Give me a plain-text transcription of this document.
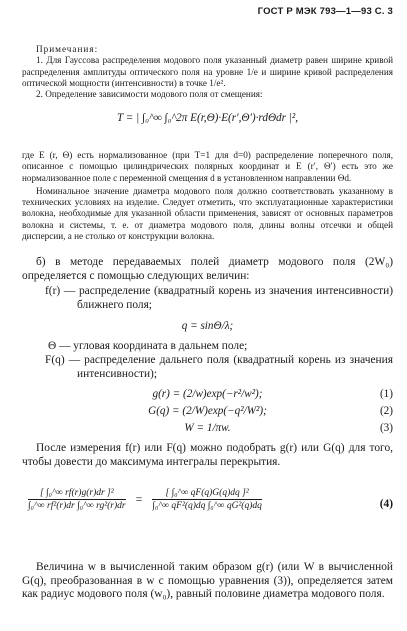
ГОСТ Р МЭК 793—1—93 С. 3
Примечания:
1. Для Гауссова распределения модового поля указанный диаметр равен ширине кривой распределения амплитуды оптического поля на уровне 1/e и ширине кривой распределения оптической мощности (интенсивности) в точке 1/e².
2. Определение зависимости модового поля от смещения:
T = | ∫₀^∞ ∫₀^2π E(r,Θ)·E(r′,Θ′)·rdΘdr |²,
где E (r, Θ) есть нормализованное (при T=1 для d=0) распределение поперечного поля, описанное с помощью цилиндрических полярных координат и E (r′, Θ′) есть это же нормализованное поле с переменной смещения d в установленном направлении Θd.
Номинальное значение диаметра модового поля должно соответствовать указанному в технических условиях на изделие. Следует отметить, что эксплуатационные характеристики волокна, необходимые для указанной области применения, зависят от основных параметров волокна и системы, т. е. от диаметра модового поля, длины волны отсечки и общей дисперсии, а не столько от конструкции волокна.
б) в методе передаваемых полей диаметр модового поля (2W₀) определяется с помощью следующих величин:
f(r) — распределение (квадратный корень из значения интенсивности) ближнего поля;
q = sinΘ/λ;
Θ — угловая координата в дальнем поле;
F(q) — распределение дальнего поля (квадратный корень из значения интенсивности);
g(r) = (2/w)exp(−r²/w²);	(1)
G(q) = (2/W)exp(−q²/W²);	(2)
W = 1/πw.	(3)
После измерения f(r) или F(q) можно подобрать g(r) или G(q) для того, чтобы довести до максимума интегралы перекрытия.
$\frac{\text{[ ∫₀\textasciicircum{}∞ rf(r)g(r)dr ]²}}{\text{∫₀\textasciicircum{}∞ rf²(r)dr ∫₀\textasciicircum{}∞ rg²(r)dr}} = \frac{\text{[ ∫₀\textasciicircum{}∞ qF(q)G(q)dq ]²}}{\text{∫₀\textasciicircum{}∞ qF²(q)dq ∫₀\textasciicircum{}∞ qG²(q)dq}}$	(4)
Величина w в вычисленной таким образом g(r) (или W в вычисленной G(q), преобразованная в w с помощью уравнения (3)), определяется затем как радиус модового поля (w₀), равный половине диаметра модового поля.
